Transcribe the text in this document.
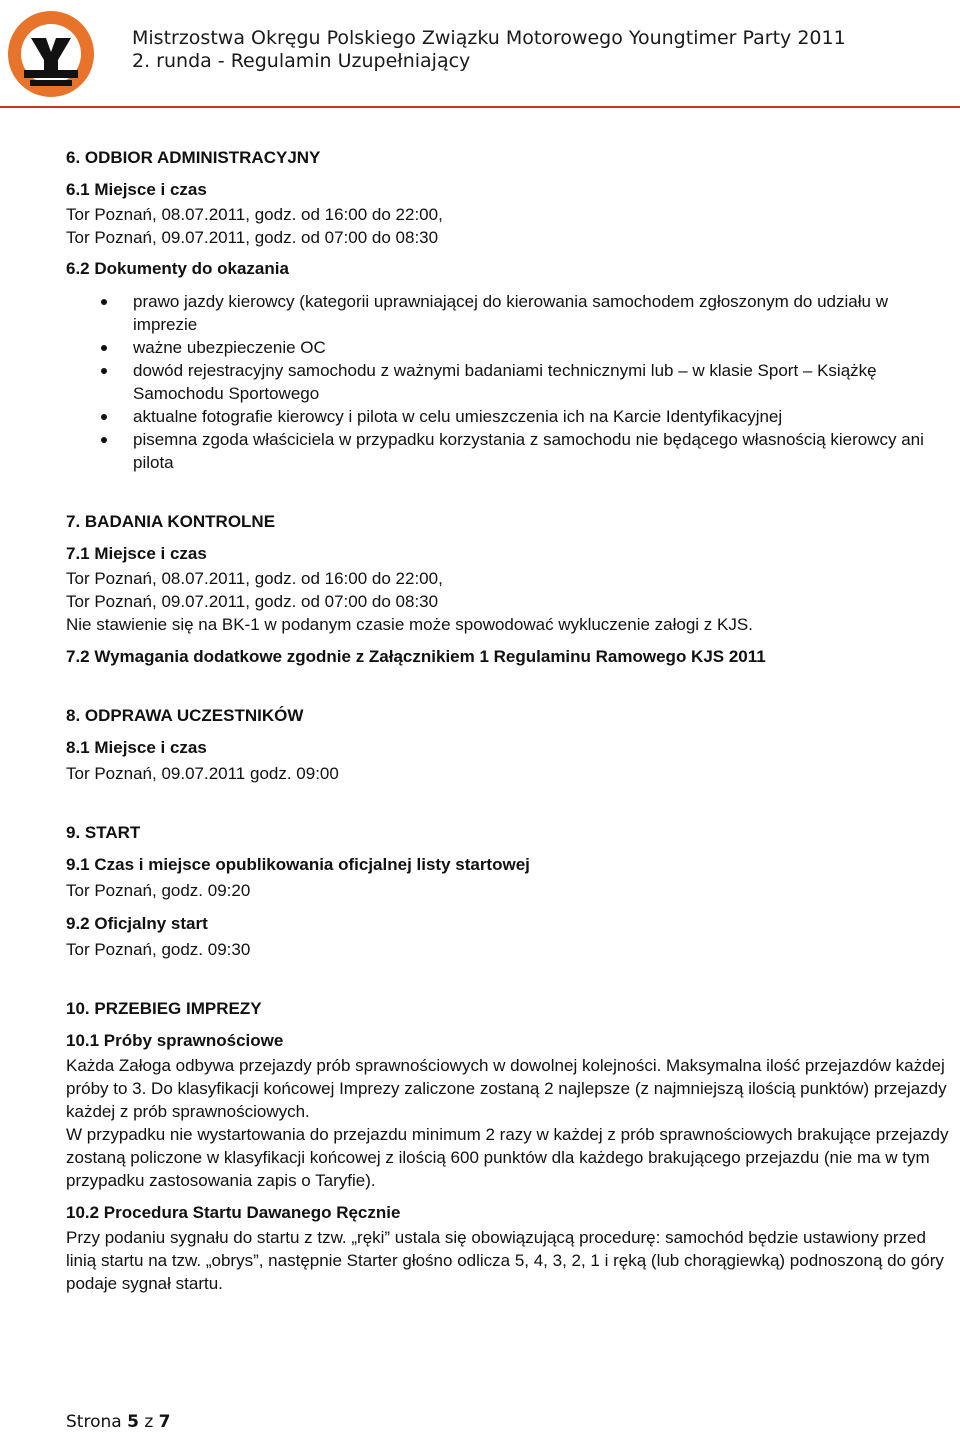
Mistrzostwa Okręgu Polskiego Związku Motorowego Youngtimer Party 2011
2. runda - Regulamin Uzupełniający
6. ODBIOR ADMINISTRACYJNY
6.1 Miejsce i czas

Tor Poznań, 08.07.2011, godz. od 16:00 do 22:00,

Tor Poznań, 09.07.2011, godz. od 07:00 do 08:30

6.2 Dokumenty do okazania
prawo jazdy kierowcy (kategorii uprawniającej do kierowania samochodem zgłoszonym do udziału w imprezie
ważne ubezpieczenie OC
dowód rejestracyjny samochodu z ważnymi badaniami technicznymi lub – w klasie Sport – Książkę Samochodu Sportowego
aktualne fotografie kierowcy i pilota w celu umieszczenia ich na Karcie Identyfikacyjnej
pisemna zgoda właściciela w przypadku korzystania z samochodu nie będącego własnością kierowcy ani pilota
7. BADANIA KONTROLNE
7.1 Miejsce i czas

Tor Poznań, 08.07.2011, godz. od 16:00 do 22:00,

Tor Poznań, 09.07.2011, godz. od 07:00 do 08:30

Nie stawienie się na BK-1 w podanym czasie może spowodować wykluczenie załogi z KJS.

7.2 Wymagania dodatkowe zgodnie z Załącznikiem 1 Regulaminu Ramowego KJS 2011
8. ODPRAWA UCZESTNIKÓW
8.1 Miejsce i czas

Tor Poznań, 09.07.2011 godz. 09:00

9. START
9.1 Czas i miejsce opublikowania oficjalnej listy startowej

Tor Poznań, godz. 09:20

9.2 Oficjalny start

Tor Poznań, godz. 09:30

10. PRZEBIEG IMPREZY
10.1 Próby sprawnościowe

Każda Załoga odbywa przejazdy prób sprawnościowych w dowolnej kolejności. Maksymalna ilość przejazdów każdej próby to 3. Do klasyfikacji końcowej Imprezy zaliczone zostaną 2 najlepsze (z najmniejszą ilością punktów) przejazdy każdej z prób sprawnościowych.

W przypadku nie wystartowania do przejazdu minimum 2 razy w każdej z prób sprawnościowych brakujące przejazdy zostaną policzone w klasyfikacji końcowej z ilością 600 punktów dla każdego brakującego przejazdu (nie ma w tym przypadku zastosowania zapis o Taryfie).

10.2 Procedura Startu Dawanego Ręcznie

Przy podaniu sygnału do startu z tzw. „ręki” ustala się obowiązującą procedurę: samochód będzie ustawiony przed linią startu na tzw. „obrys”, następnie Starter głośno odlicza 5, 4, 3, 2, 1 i ręką (lub chorągiewką) podnoszoną do góry podaje sygnał startu.

Strona 5 z 7
